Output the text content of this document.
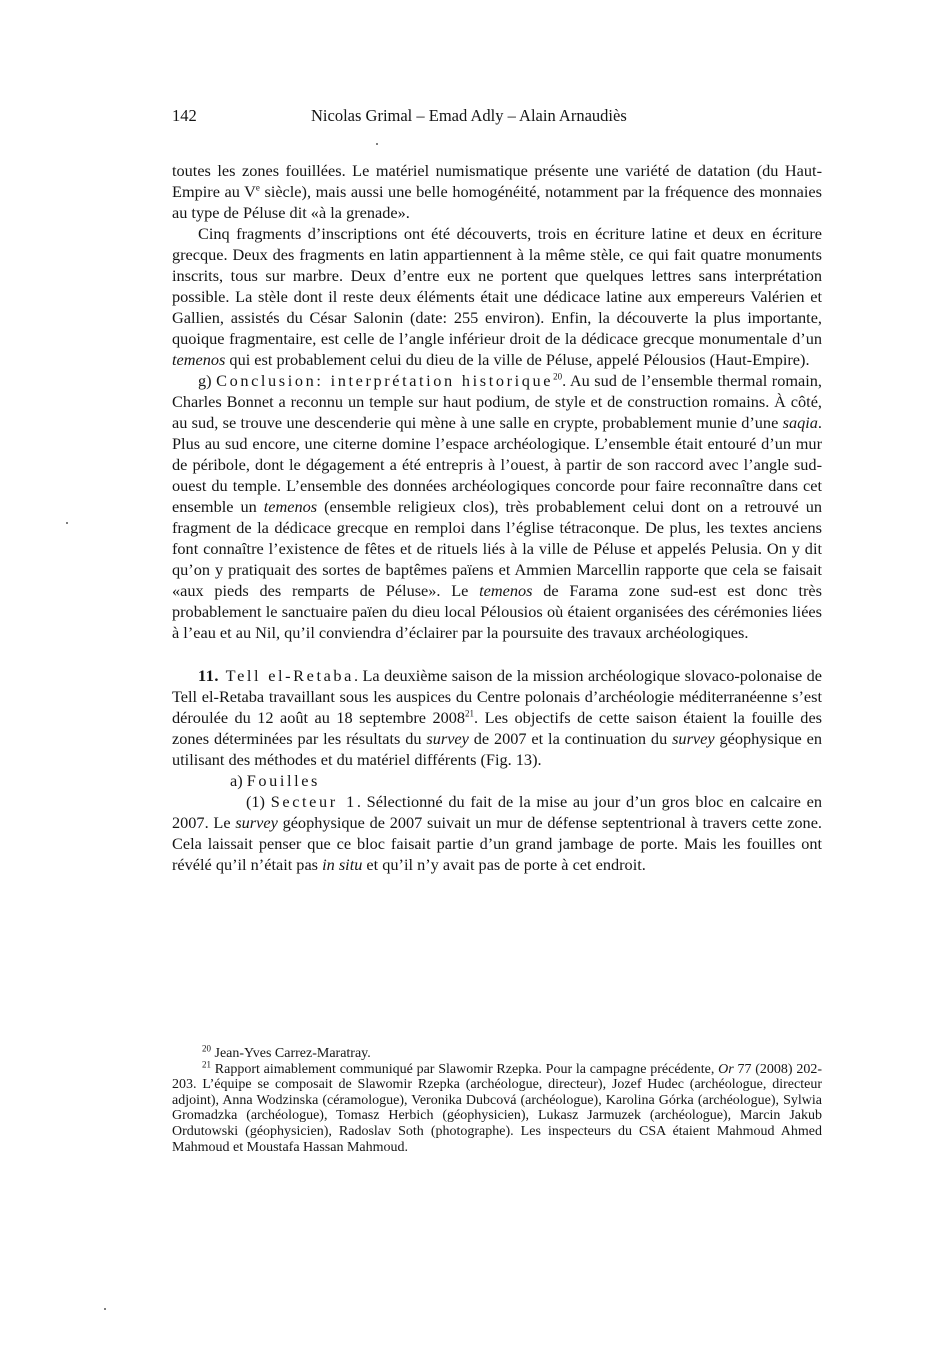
142	Nicolas Grimal – Emad Adly – Alain Arnaudiès

toutes les zones fouillées. Le matériel numismatique présente une variété de datation (du Haut-Empire au Ve siècle), mais aussi une belle homogénéité, notamment par la fréquence des monnaies au type de Péluse dit «à la grenade».

Cinq fragments d’inscriptions ont été découverts, trois en écriture latine et deux en écriture grecque. Deux des fragments en latin appartiennent à la même stèle, ce qui fait quatre monuments inscrits, tous sur marbre. Deux d’entre eux ne portent que quelques lettres sans interprétation possible. La stèle dont il reste deux éléments était une dédicace latine aux empereurs Valérien et Gallien, assistés du César Salonin (date: 255 environ). Enfin, la découverte la plus importante, quoique fragmentaire, est celle de l’angle inférieur droit de la dédicace grecque monumentale d’un temenos qui est probablement celui du dieu de la ville de Péluse, appelé Pélousios (Haut-Empire).

g) Conclusion: interprétation historique$^{20}$. Au sud de l’ensemble thermal romain, Charles Bonnet a reconnu un temple sur haut podium, de style et de construction romains. À côté, au sud, se trouve une descenderie qui mène à une salle en crypte, probablement munie d’une saqia. Plus au sud encore, une citerne domine l’espace archéologique. L’ensemble était entouré d’un mur de péribole, dont le dégagement a été entrepris à l’ouest, à partir de son raccord avec l’angle sud-ouest du temple. L’ensemble des données archéologiques concorde pour faire reconnaître dans cet ensemble un temenos (ensemble religieux clos), très probablement celui dont on a retrouvé un fragment de la dédicace grecque en remploi dans l’église tétraconque. De plus, les textes anciens font connaître l’existence de fêtes et de rituels liés à la ville de Péluse et appelés Pelusia. On y dit qu’on y pratiquait des sortes de baptêmes païens et Ammien Marcellin rapporte que cela se faisait «aux pieds des remparts de Péluse». Le temenos de Farama zone sud-est est donc très probablement le sanctuaire païen du dieu local Pélousios où étaient organisées des cérémonies liées à l’eau et au Nil, qu’il conviendra d’éclairer par la poursuite des travaux archéologiques.

11. Tell el-Retaba. La deuxième saison de la mission archéologique slovaco-polonaise de Tell el-Retaba travaillant sous les auspices du Centre polonais d’archéologie méditerranéenne s’est déroulée du 12 août au 18 septembre 2008$^{21}$. Les objectifs de cette saison étaient la fouille des zones déterminées par les résultats du survey de 2007 et la continuation du survey géophysique en utilisant des méthodes et du matériel différents (Fig. 13).

a) Fouilles

(1) Secteur 1. Sélectionné du fait de la mise au jour d’un gros bloc en calcaire en 2007. Le survey géophysique de 2007 suivait un mur de défense septentrional à travers cette zone. Cela laissait penser que ce bloc faisait partie d’un grand jambage de porte. Mais les fouilles ont révélé qu’il n’était pas in situ et qu’il n’y avait pas de porte à cet endroit.

$^{20}$ Jean-Yves Carrez-Maratray.

$^{21}$ Rapport aimablement communiqué par Slawomir Rzepka. Pour la campagne précédente, Or 77 (2008) 202-203. L’équipe se composait de Slawomir Rzepka (archéologue, directeur), Jozef Hudec (archéologue, directeur adjoint), Anna Wodzinska (céramologue), Veronika Dubcová (archéologue), Karolina Górka (archéologue), Sylwia Gromadzka (archéologue), Tomasz Herbich (géophysicien), Lukasz Jarmuzek (archéologue), Marcin Jakub Ordutowski (géophysicien), Radoslav Soth (photographe). Les inspecteurs du CSA étaient Mahmoud Ahmed Mahmoud et Moustafa Hassan Mahmoud.
